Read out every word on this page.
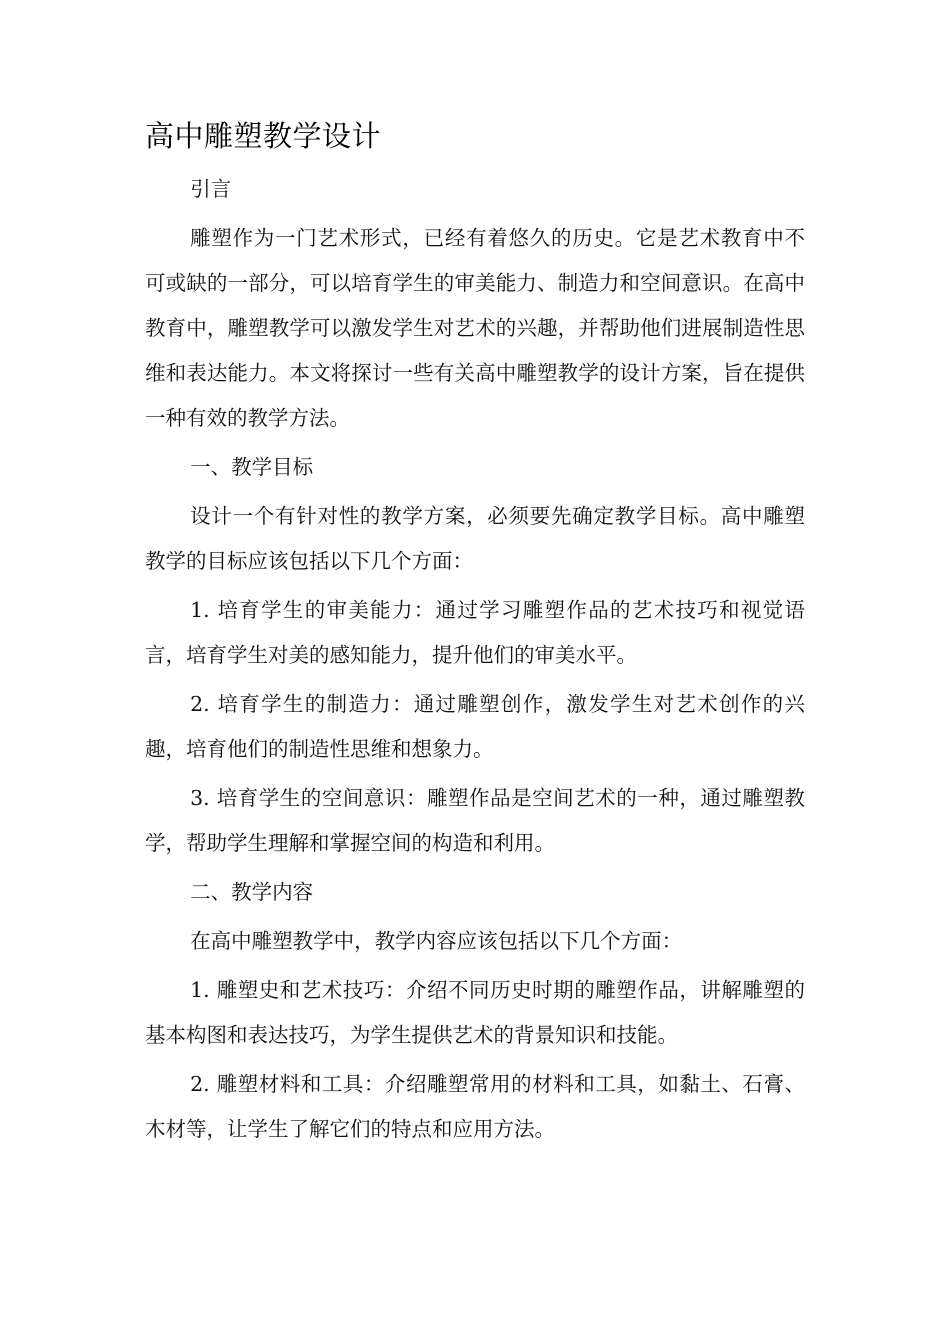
高中雕塑教学设计

引言

雕塑作为一门艺术形式，已经有着悠久的历史。它是艺术教育中不可或缺的一部分，可以培育学生的审美能力、制造力和空间意识。在高中教育中，雕塑教学可以激发学生对艺术的兴趣，并帮助他们进展制造性思维和表达能力。本文将探讨一些有关高中雕塑教学的设计方案，旨在提供一种有效的教学方法。

一、教学目标

设计一个有针对性的教学方案，必须要先确定教学目标。高中雕塑教学的目标应该包括以下几个方面：

1. 培育学生的审美能力：通过学习雕塑作品的艺术技巧和视觉语言，培育学生对美的感知能力，提升他们的审美水平。

2. 培育学生的制造力：通过雕塑创作，激发学生对艺术创作的兴趣，培育他们的制造性思维和想象力。

3. 培育学生的空间意识：雕塑作品是空间艺术的一种，通过雕塑教学，帮助学生理解和掌握空间的构造和利用。

二、教学内容

在高中雕塑教学中，教学内容应该包括以下几个方面：

1. 雕塑史和艺术技巧：介绍不同历史时期的雕塑作品，讲解雕塑的基本构图和表达技巧，为学生提供艺术的背景知识和技能。

2. 雕塑材料和工具：介绍雕塑常用的材料和工具，如黏土、石膏、木材等，让学生了解它们的特点和应用方法。
